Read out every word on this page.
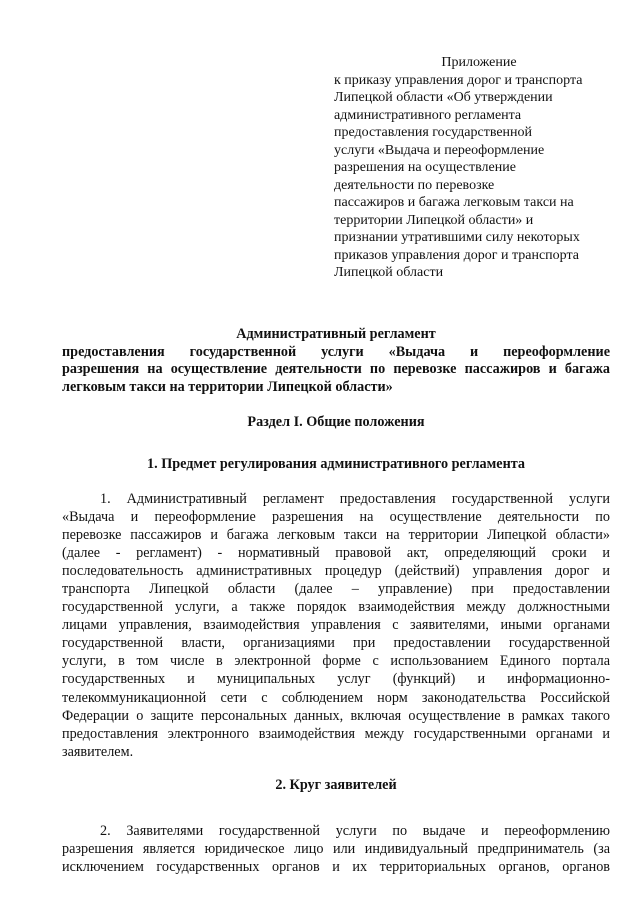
Приложение
к приказу управления дорог и транспорта
Липецкой области «Об утверждении
административного регламента
предоставления государственной
услуги «Выдача и переоформление
разрешения на осуществление
деятельности по перевозке
пассажиров и багажа легковым такси на
территории Липецкой области» и
признании утратившими силу некоторых
приказов управления дорог и транспорта
Липецкой области
Административный регламент
предоставления государственной услуги «Выдача и переоформление
разрешения на осуществление деятельности по перевозке пассажиров и багажа
легковым такси на территории Липецкой области»
Раздел I. Общие положения
1. Предмет регулирования административного регламента
1. Административный регламент предоставления государственной услуги
«Выдача и переоформление разрешения на осуществление деятельности по
перевозке пассажиров и багажа легковым такси на территории Липецкой области»
(далее - регламент) - нормативный правовой акт, определяющий сроки и
последовательность административных процедур (действий) управления дорог и
транспорта Липецкой области (далее – управление) при предоставлении
государственной услуги, а также порядок взаимодействия между должностными
лицами управления, взаимодействия управления с заявителями, иными органами
государственной власти, организациями при предоставлении государственной
услуги, в том числе в электронной форме с использованием Единого портала
государственных и муниципальных услуг (функций) и информационно-
телекоммуникационной сети с соблюдением норм законодательства Российской
Федерации о защите персональных данных, включая осуществление в рамках такого
предоставления электронного взаимодействия между государственными органами и
заявителем.
2. Круг заявителей
2. Заявителями государственной услуги по выдаче и переоформлению
разрешения является юридическое лицо или индивидуальный предприниматель (за
исключением государственных органов и их территориальных органов, органов
